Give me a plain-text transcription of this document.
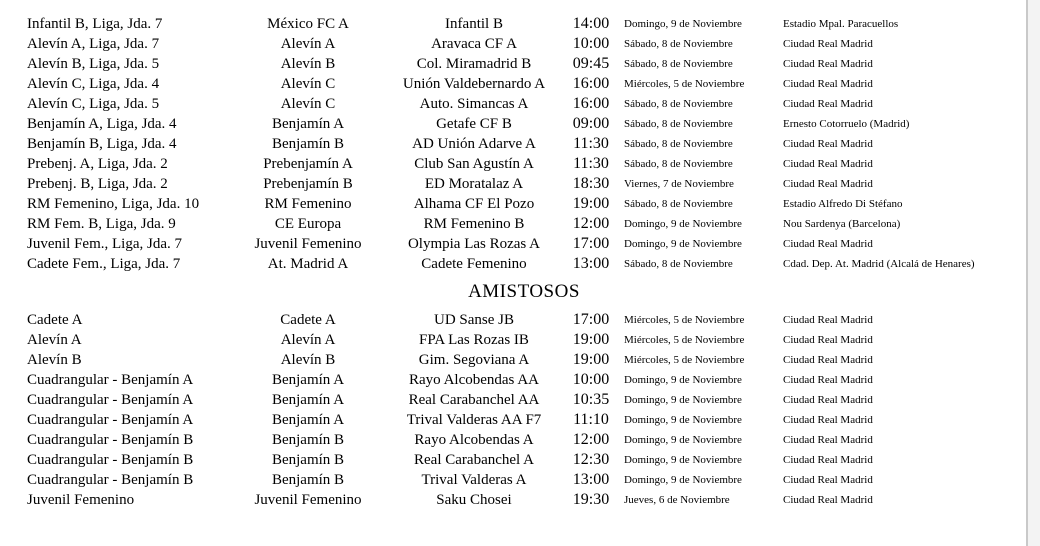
Infantil B, Liga, Jda. 7	México FC A	Infantil B	14:00	Domingo, 9 de Noviembre	Estadio Mpal. Paracuellos
Alevín A, Liga, Jda. 7	Alevín A	Aravaca CF A	10:00	Sábado, 8 de Noviembre	Ciudad Real Madrid
Alevín B, Liga, Jda. 5	Alevín B	Col. Miramadrid B	09:45	Sábado, 8 de Noviembre	Ciudad Real Madrid
Alevín C, Liga, Jda. 4	Alevín C	Unión Valdebernardo A	16:00	Miércoles, 5 de Noviembre	Ciudad Real Madrid
Alevín C, Liga, Jda. 5	Alevín C	Auto. Simancas A	16:00	Sábado, 8 de Noviembre	Ciudad Real Madrid
Benjamín A, Liga, Jda. 4	Benjamín A	Getafe CF B	09:00	Sábado, 8 de Noviembre	Ernesto Cotorruelo (Madrid)
Benjamín B, Liga, Jda. 4	Benjamín B	AD Unión Adarve A	11:30	Sábado, 8 de Noviembre	Ciudad Real Madrid
Prebenj. A, Liga, Jda. 2	Prebenjamín A	Club San Agustín A	11:30	Sábado, 8 de Noviembre	Ciudad Real Madrid
Prebenj. B, Liga, Jda. 2	Prebenjamín B	ED Moratalaz A	18:30	Viernes, 7 de Noviembre	Ciudad Real Madrid
RM Femenino, Liga, Jda. 10	RM Femenino	Alhama CF El Pozo	19:00	Sábado, 8 de Noviembre	Estadio Alfredo Di Stéfano
RM Fem. B, Liga, Jda. 9	CE Europa	RM Femenino B	12:00	Domingo, 9 de Noviembre	Nou Sardenya (Barcelona)
Juvenil Fem., Liga, Jda. 7	Juvenil Femenino	Olympia Las Rozas A	17:00	Domingo, 9 de Noviembre	Ciudad Real Madrid
Cadete Fem., Liga, Jda. 7	At. Madrid A	Cadete Femenino	13:00	Sábado, 8 de Noviembre	Cdad. Dep. At. Madrid (Alcalá de Henares)
AMISTOSOS
Cadete A	Cadete A	UD Sanse JB	17:00	Miércoles, 5 de Noviembre	Ciudad Real Madrid
Alevín A	Alevín A	FPA Las Rozas IB	19:00	Miércoles, 5 de Noviembre	Ciudad Real Madrid
Alevín B	Alevín B	Gim. Segoviana A	19:00	Miércoles, 5 de Noviembre	Ciudad Real Madrid
Cuadrangular - Benjamín A	Benjamín A	Rayo Alcobendas AA	10:00	Domingo, 9 de Noviembre	Ciudad Real Madrid
Cuadrangular - Benjamín A	Benjamín A	Real Carabanchel AA	10:35	Domingo, 9 de Noviembre	Ciudad Real Madrid
Cuadrangular - Benjamín A	Benjamín A	Trival Valderas AA F7	11:10	Domingo, 9 de Noviembre	Ciudad Real Madrid
Cuadrangular - Benjamín B	Benjamín B	Rayo Alcobendas A	12:00	Domingo, 9 de Noviembre	Ciudad Real Madrid
Cuadrangular - Benjamín B	Benjamín B	Real Carabanchel A	12:30	Domingo, 9 de Noviembre	Ciudad Real Madrid
Cuadrangular - Benjamín B	Benjamín B	Trival Valderas A	13:00	Domingo, 9 de Noviembre	Ciudad Real Madrid
Juvenil Femenino	Juvenil Femenino	Saku Chosei	19:30	Jueves, 6 de Noviembre	Ciudad Real Madrid
